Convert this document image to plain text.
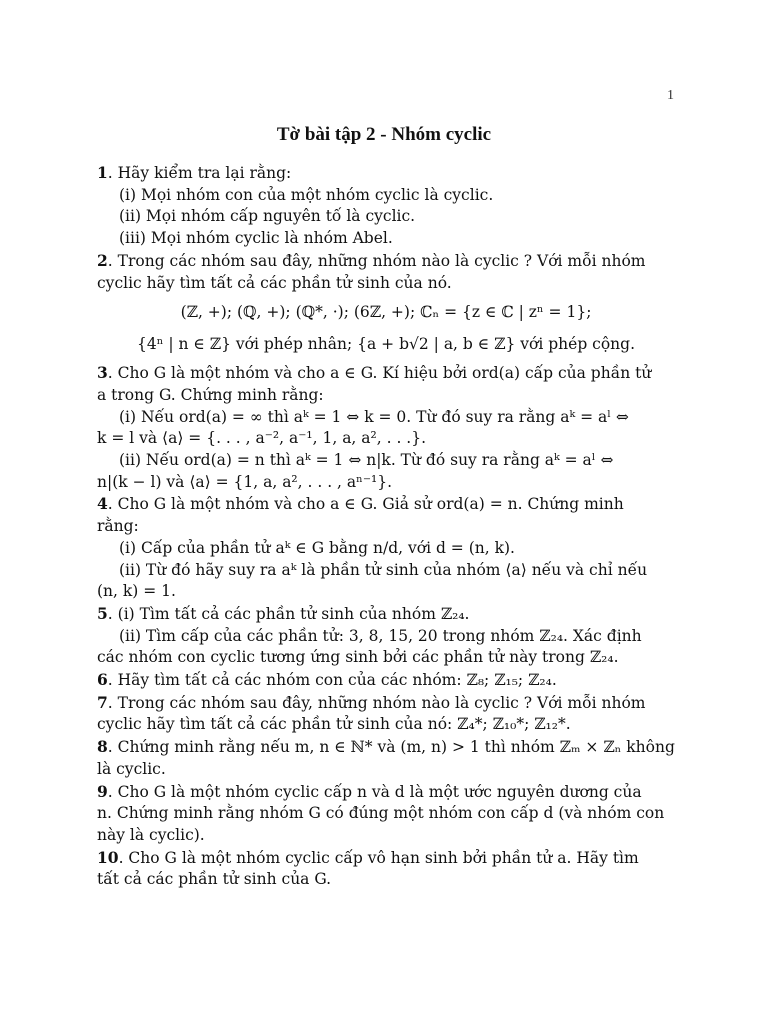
1
Tờ bài tập 2 - Nhóm cyclic

1. Hãy kiểm tra lại rằng:

(i) Mọi nhóm con của một nhóm cyclic là cyclic.

(ii) Mọi nhóm cấp nguyên tố là cyclic.

(iii) Mọi nhóm cyclic là nhóm Abel.

2. Trong các nhóm sau đây, những nhóm nào là cyclic ? Với mỗi nhóm

cyclic hãy tìm tất cả các phần tử sinh của nó.

(ℤ, +); (ℚ, +); (ℚ*, ·); (6ℤ, +); ℂₙ = {z ∈ ℂ | zⁿ = 1};

{4ⁿ | n ∈ ℤ} với phép nhân; {a + b√2 | a, b ∈ ℤ} với phép cộng.

3. Cho G là một nhóm và cho a ∈ G. Kí hiệu bởi ord(a) cấp của phần tử

a trong G. Chứng minh rằng:

(i) Nếu ord(a) = ∞ thì aᵏ = 1 ⇔ k = 0. Từ đó suy ra rằng aᵏ = aˡ ⇔

k = l và ⟨a⟩ = {. . . , a⁻², a⁻¹, 1, a, a², . . .}.

(ii) Nếu ord(a) = n thì aᵏ = 1 ⇔ n|k. Từ đó suy ra rằng aᵏ = aˡ ⇔

n|(k − l) và ⟨a⟩ = {1, a, a², . . . , aⁿ⁻¹}.

4. Cho G là một nhóm và cho a ∈ G. Giả sử ord(a) = n. Chứng minh

rằng:

(i) Cấp của phần tử aᵏ ∈ G bằng n/d, với d = (n, k).

(ii) Từ đó hãy suy ra aᵏ là phần tử sinh của nhóm ⟨a⟩ nếu và chỉ nếu

(n, k) = 1.

5. (i) Tìm tất cả các phần tử sinh của nhóm ℤ₂₄.

(ii) Tìm cấp của các phần tử: 3, 8, 15, 20 trong nhóm ℤ₂₄. Xác định

các nhóm con cyclic tương ứng sinh bởi các phần tử này trong ℤ₂₄.

6. Hãy tìm tất cả các nhóm con của các nhóm: ℤ₈; ℤ₁₅; ℤ₂₄.

7. Trong các nhóm sau đây, những nhóm nào là cyclic ? Với mỗi nhóm

cyclic hãy tìm tất cả các phần tử sinh của nó: ℤ₄*; ℤ₁₀*; ℤ₁₂*.

8. Chứng minh rằng nếu m, n ∈ ℕ* và (m, n) > 1 thì nhóm ℤₘ × ℤₙ không

là cyclic.

9. Cho G là một nhóm cyclic cấp n và d là một ước nguyên dương của

n. Chứng minh rằng nhóm G có đúng một nhóm con cấp d (và nhóm con

này là cyclic).

10. Cho G là một nhóm cyclic cấp vô hạn sinh bởi phần tử a. Hãy tìm

tất cả các phần tử sinh của G.
